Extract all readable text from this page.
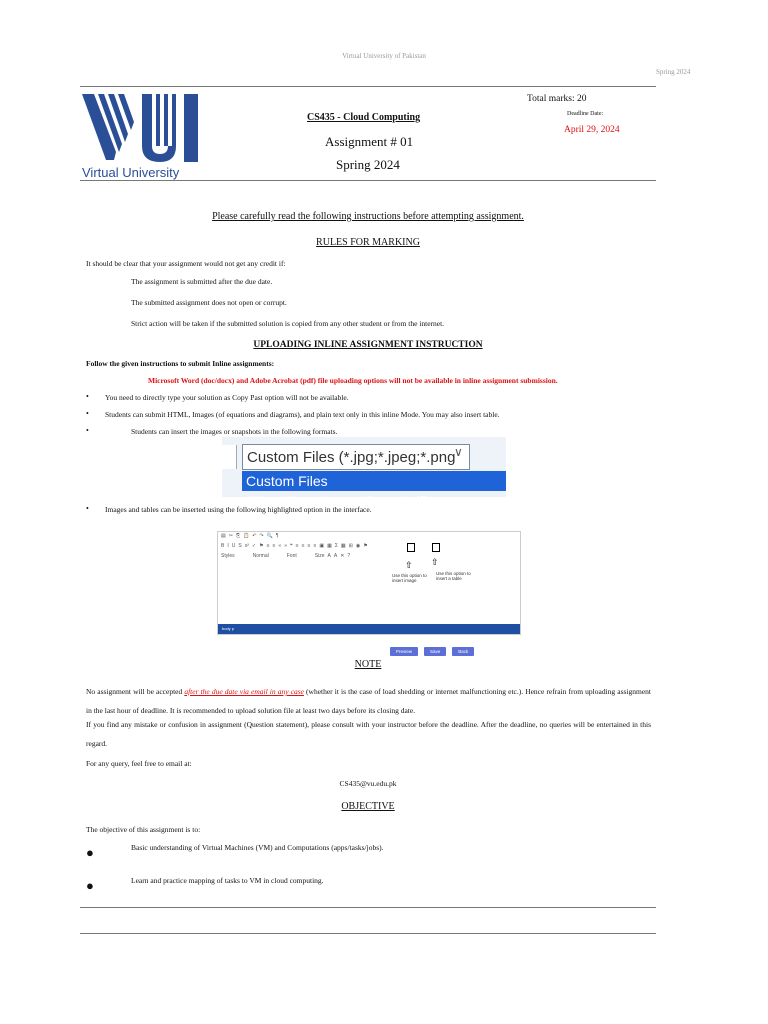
Virtual University of Pakistan
Spring 2024
Virtual University
CS435 - Cloud Computing
Assignment # 01
Spring 2024
Total marks: 20
Deadline Date:
April 29, 2024
Please carefully read the following instructions before attempting assignment.
RULES FOR MARKING
It should be clear that your assignment would not get any credit if:
The assignment is submitted after the due date.
The submitted assignment does not open or corrupt.
Strict action will be taken if the submitted solution is copied from any other student or from the internet.
UPLOADING INLINE ASSIGNMENT INSTRUCTION
Follow the given instructions to submit Inline assignments:
Microsoft Word (doc/docx) and Adobe Acrobat (pdf) file uploading options will not be available in inline assignment submission.
• You need to directly type your solution as Copy Past option will not be available.
• Students can submit HTML, Images (of equations and diagrams), and plain text only in this inline Mode. You may also insert table.
•	Students can insert the images or snapshots in the following formats.
Custom Files (*.jpg;*.jpeg;*.png
∨
Custom Files (*.jpg;*.jpeg;*.png;*.bmp;*.gif)
• Images and tables can be inserted using the following highlighted option in the interface.
▤ ✂ ⎘ 📋 ↶ ↷ 🔍 ¶
B I U S x² ✓ ⚑ ≡ ≡ « » ❝ ≡ ≡ ≡ ≡ ▣ ▦ Σ ▦ ⊞ ◉ ⚑
Styles	Normal	Font	Size A A ✕ ?
⇧ ⇧
Use this option to insert image
Use this option to insert a table
body p
Preview	Save	Back
NOTE
No assignment will be accepted after the due date via email in any case (whether it is the case of load shedding or internet malfunctioning etc.). Hence refrain from uploading assignment in the last hour of deadline. It is recommended to upload solution file at least two days before its closing date.
If you find any mistake or confusion in assignment (Question statement), please consult with your instructor before the deadline. After the deadline, no queries will be entertained in this regard.
For any query, feel free to email at:
CS435@vu.edu.pk
OBJECTIVE
The objective of this assignment is to:
●	Basic understanding of Virtual Machines (VM) and Computations (apps/tasks/jobs).
●	Learn and practice mapping of tasks to VM in cloud computing.
